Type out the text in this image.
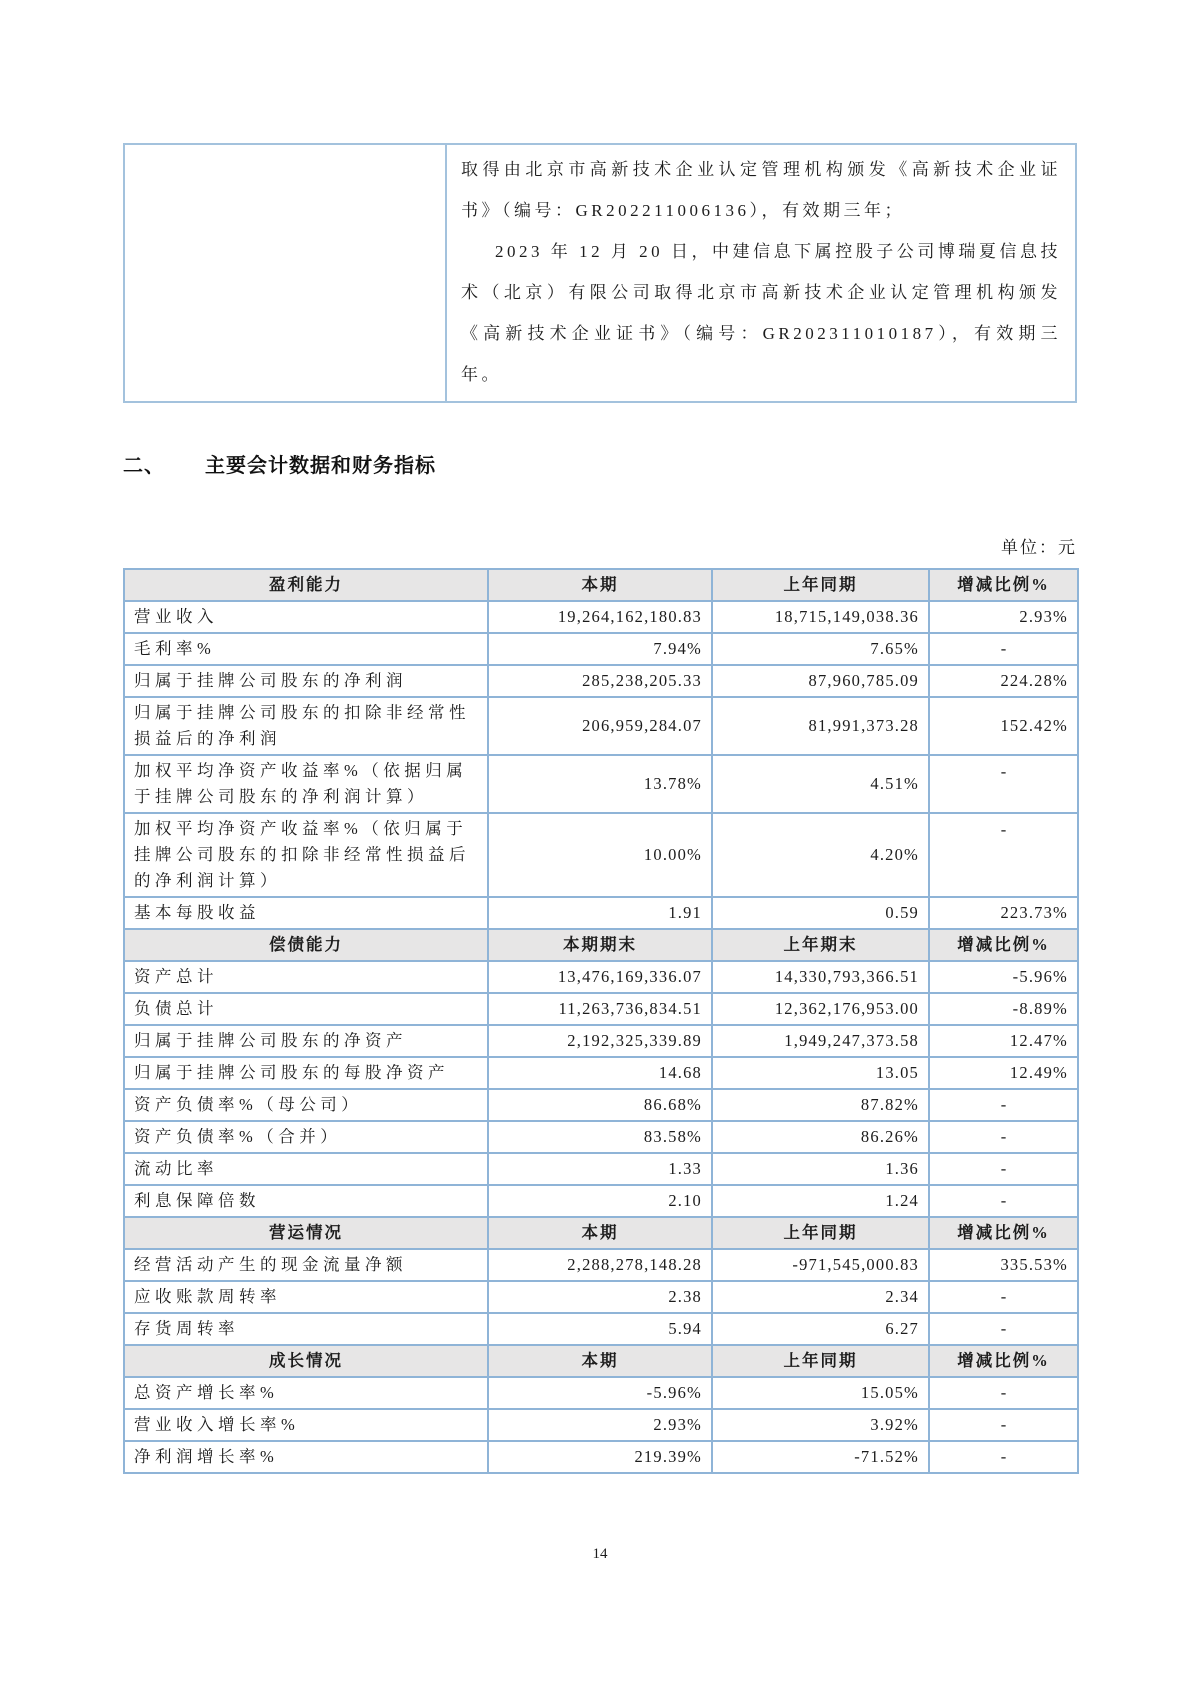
取得由北京市高新技术企业认定管理机构颁发《高新技术企业证书》（编号：GR202211006136），有效期三年；

2023 年 12 月 20 日，中建信息下属控股子公司博瑞夏信息技术（北京）有限公司取得北京市高新技术企业认定管理机构颁发《高新技术企业证书》（编号：GR202311010187），有效期三年。

二、 主要会计数据和财务指标
单位：元
盈利能力	本期	上年同期	增减比例%
营业收入	19,264,162,180.83	18,715,149,038.36	2.93%
毛利率%	7.94%	7.65%	-
归属于挂牌公司股东的净利润	285,238,205.33	87,960,785.09	224.28%
归属于挂牌公司股东的扣除非经常性损益后的净利润	206,959,284.07	81,991,373.28	152.42%
加权平均净资产收益率%（依据归属于挂牌公司股东的净利润计算）	13.78%	4.51%	-
加权平均净资产收益率%（依归属于挂牌公司股东的扣除非经常性损益后的净利润计算）	10.00%	4.20%	-
基本每股收益	1.91	0.59	223.73%
偿债能力	本期期末	上年期末	增减比例%
资产总计	13,476,169,336.07	14,330,793,366.51	-5.96%
负债总计	11,263,736,834.51	12,362,176,953.00	-8.89%
归属于挂牌公司股东的净资产	2,192,325,339.89	1,949,247,373.58	12.47%
归属于挂牌公司股东的每股净资产	14.68	13.05	12.49%
资产负债率%（母公司）	86.68%	87.82%	-
资产负债率%（合并）	83.58%	86.26%	-
流动比率	1.33	1.36	-
利息保障倍数	2.10	1.24	-
营运情况	本期	上年同期	增减比例%
经营活动产生的现金流量净额	2,288,278,148.28	-971,545,000.83	335.53%
应收账款周转率	2.38	2.34	-
存货周转率	5.94	6.27	-
成长情况	本期	上年同期	增减比例%
总资产增长率%	-5.96%	15.05%	-
营业收入增长率%	2.93%	3.92%	-
净利润增长率%	219.39%	-71.52%	-
14
